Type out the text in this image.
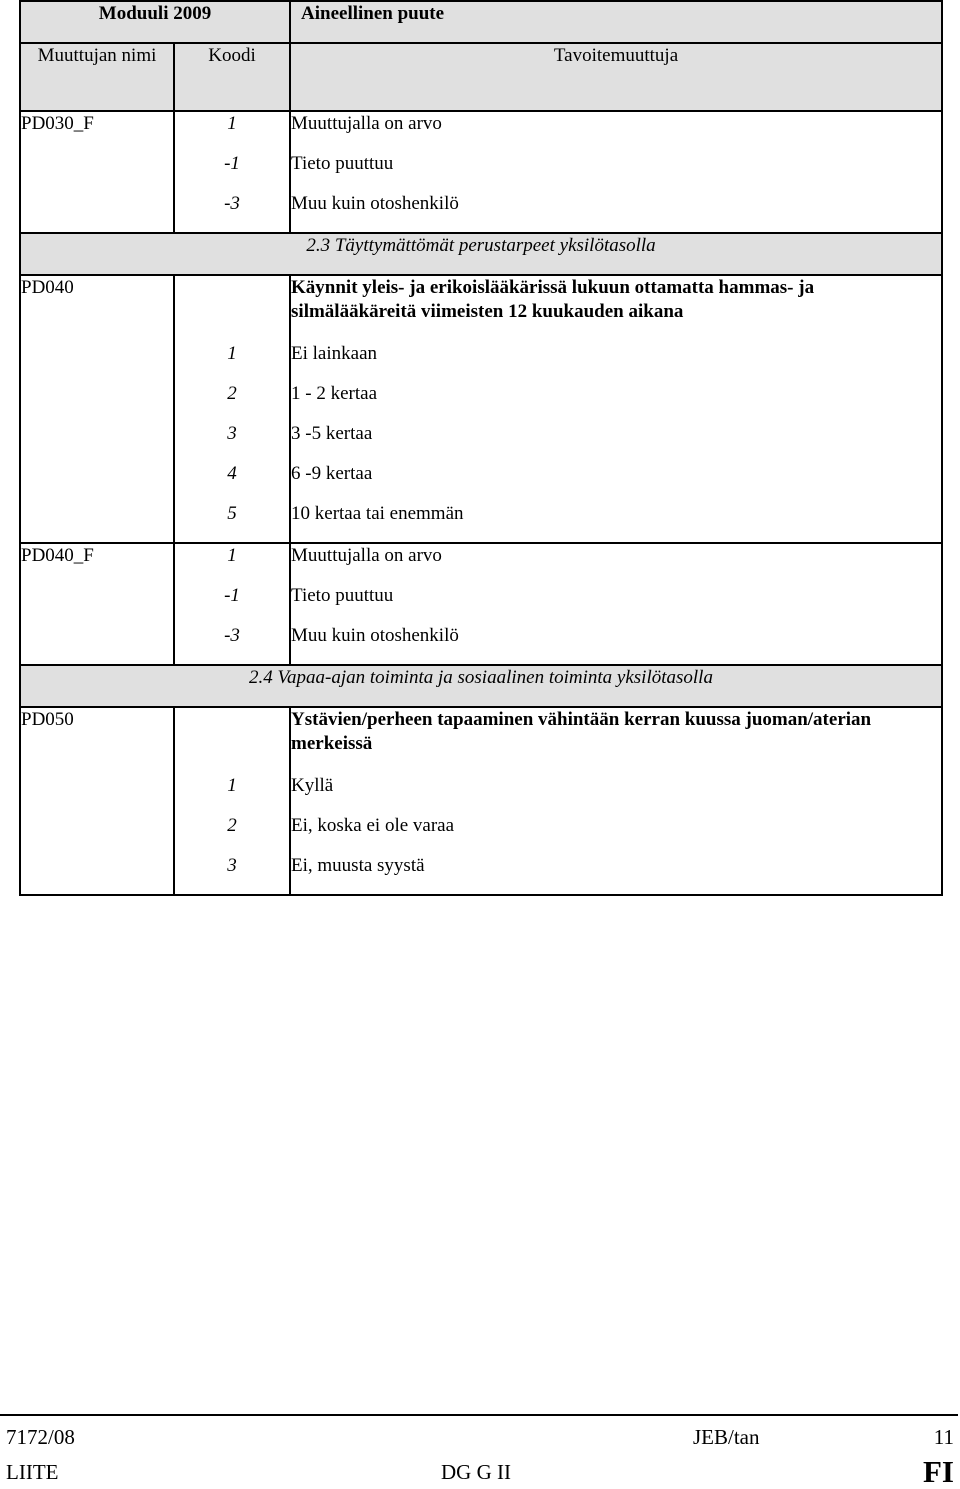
Moduuli 2009		Aineellinen puute
Muuttujan nimi	Koodi	Tavoitemuuttuja
PD030_F	1	Muuttujalla on arvo
	-1	Tieto puuttuu
	-3	Muu kuin otoshenkilö
2.3 Täyttymättömät perustarpeet yksilötasolla		
PD040		Käynnit yleis- ja erikoislääkärissä lukuun ottamatta hammas- ja silmälääkäreitä viimeisten 12 kuukauden aikana
	1	Ei lainkaan
	2	1 - 2 kertaa
	3	3 -5 kertaa
	4	6 -9 kertaa
	5	10 kertaa tai enemmän
PD040_F	1	Muuttujalla on arvo
	-1	Tieto puuttuu
	-3	Muu kuin otoshenkilö
2.4 Vapaa-ajan toiminta ja sosiaalinen toiminta yksilötasolla		
PD050		Ystävien/perheen tapaaminen vähintään kerran kuussa juoman/aterian merkeissä
	1	Kyllä
	2	Ei, koska ei ole varaa
	3	Ei, muusta syystä
7172/08	JEB/tan	11
LIITE	DG G II	FI
